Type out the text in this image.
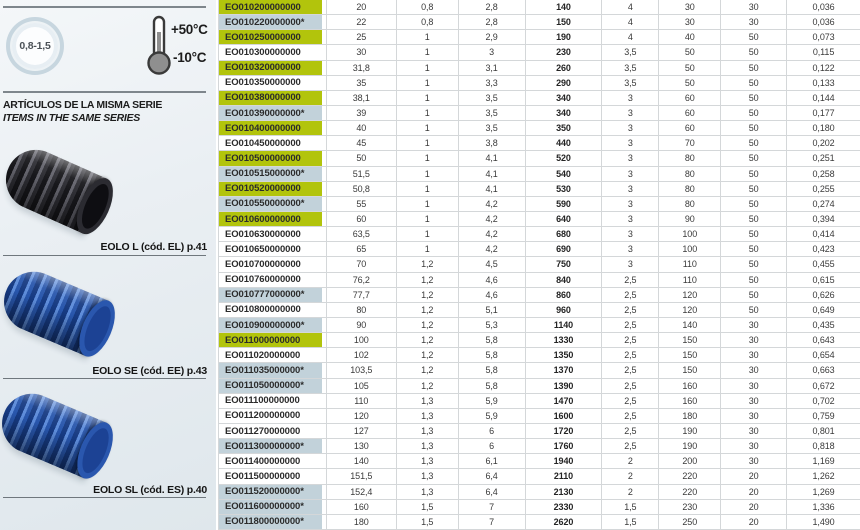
0,8-1,5
+50°C
-10°C
ARTÍCULOS DE LA MISMA SERIE
ITEMS IN THE SAME SERIES
EOLO L (cód. EL) p.41
EOLO SE (cód. EE) p.43
EOLO SL (cód. ES) p.40
EO010200000000	20	0,8	2,8	140	4	30	30	0,036
EO010220000000*	22	0,8	2,8	150	4	30	30	0,036
EO010250000000	25	1	2,9	190	4	40	50	0,073
EO010300000000	30	1	3	230	3,5	50	50	0,115
EO010320000000	31,8	1	3,1	260	3,5	50	50	0,122
EO010350000000	35	1	3,3	290	3,5	50	50	0,133
EO010380000000	38,1	1	3,5	340	3	60	50	0,144
EO010390000000*	39	1	3,5	340	3	60	50	0,177
EO010400000000	40	1	3,5	350	3	60	50	0,180
EO010450000000	45	1	3,8	440	3	70	50	0,202
EO010500000000	50	1	4,1	520	3	80	50	0,251
EO010515000000*	51,5	1	4,1	540	3	80	50	0,258
EO010520000000	50,8	1	4,1	530	3	80	50	0,255
EO010550000000*	55	1	4,2	590	3	80	50	0,274
EO010600000000	60	1	4,2	640	3	90	50	0,394
EO010630000000	63,5	1	4,2	680	3	100	50	0,414
EO010650000000	65	1	4,2	690	3	100	50	0,423
EO010700000000	70	1,2	4,5	750	3	110	50	0,455
EO010760000000	76,2	1,2	4,6	840	2,5	110	50	0,615
EO010777000000*	77,7	1,2	4,6	860	2,5	120	50	0,626
EO010800000000	80	1,2	5,1	960	2,5	120	50	0,649
EO010900000000*	90	1,2	5,3	1140	2,5	140	30	0,435
EO011000000000	100	1,2	5,8	1330	2,5	150	30	0,643
EO011020000000	102	1,2	5,8	1350	2,5	150	30	0,654
EO011035000000*	103,5	1,2	5,8	1370	2,5	150	30	0,663
EO011050000000*	105	1,2	5,8	1390	2,5	160	30	0,672
EO011100000000	110	1,3	5,9	1470	2,5	160	30	0,702
EO011200000000	120	1,3	5,9	1600	2,5	180	30	0,759
EO011270000000	127	1,3	6	1720	2,5	190	30	0,801
EO011300000000*	130	1,3	6	1760	2,5	190	30	0,818
EO011400000000	140	1,3	6,1	1940	2	200	30	1,169
EO011500000000	151,5	1,3	6,4	2110	2	220	20	1,262
EO011520000000*	152,4	1,3	6,4	2130	2	220	20	1,269
EO011600000000*	160	1,5	7	2330	1,5	230	20	1,336
EO011800000000*	180	1,5	7	2620	1,5	250	20	1,490
